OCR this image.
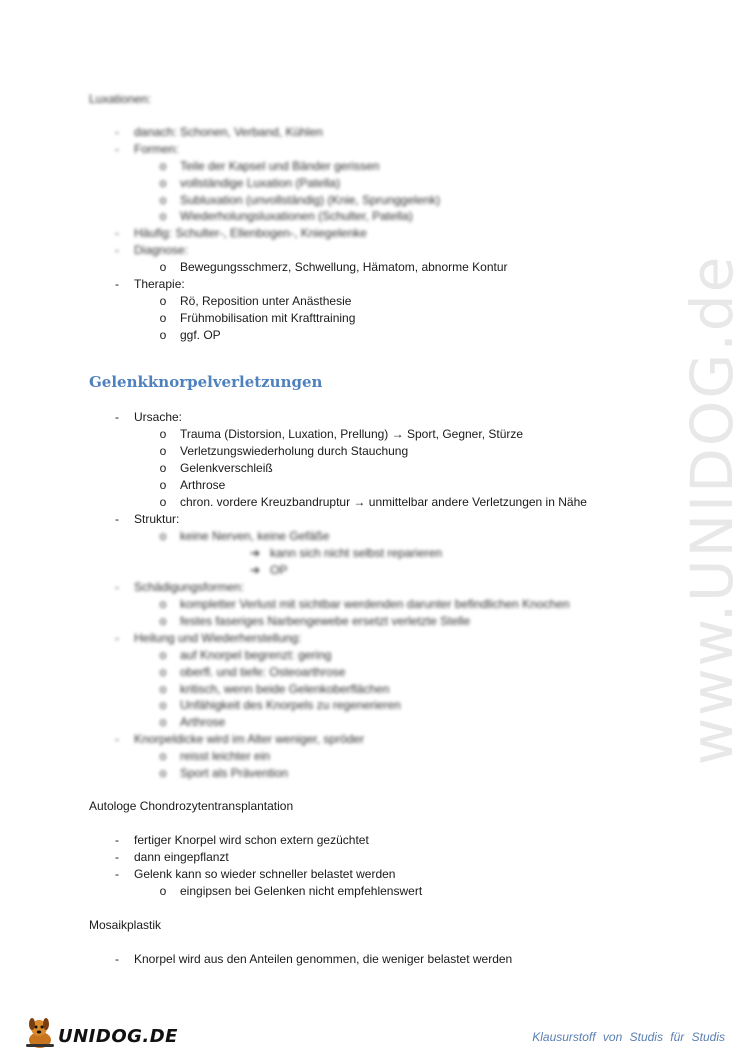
www.UNIDOG.de
Luxationen:
-	danach: Schonen, Verband, Kühlen
-	Formen:
o	Teile der Kapsel und Bänder gerissen
o	vollständige Luxation (Patella)
o	Subluxation (unvollständig) (Knie, Sprunggelenk)
o	Wiederholungsluxationen (Schulter, Patella)
-	Häufig: Schulter-, Ellenbogen-, Kniegelenke
-	Diagnose:
o	Bewegungsschmerz, Schwellung, Hämatom, abnorme Kontur
-	Therapie:
o	Rö, Reposition unter Anästhesie
o	Frühmobilisation mit Krafttraining
o	ggf. OP
Gelenkknorpelverletzungen
-	Ursache:
o	Trauma (Distorsion, Luxation, Prellung) → Sport, Gegner, Stürze
o	Verletzungswiederholung durch Stauchung
o	Gelenkverschleiß
o	Arthrose
o	chron. vordere Kreuzbandruptur → unmittelbar andere Verletzungen in Nähe
-	Struktur:
o	keine Nerven, keine Gefäße
➔ kann sich nicht selbst reparieren
➔ OP
-	Schädigungsformen:
o	kompletter Verlust mit sichtbar werdenden darunter befindlichen Knochen
o	festes faseriges Narbengewebe ersetzt verletzte Stelle
-	Heilung und Wiederherstellung:
o	auf Knorpel begrenzt: gering
o	oberfl. und tiefe: Osteoarthrose
o	kritisch, wenn beide Gelenkoberflächen
o	Unfähigkeit des Knorpels zu regenerieren
o	Arthrose
-	Knorpeldicke wird im Alter weniger, spröder
o	reisst leichter ein
o	Sport als Prävention
Autologe Chondrozytentransplantation
-	fertiger Knorpel wird schon extern gezüchtet
-	dann eingepflanzt
-	Gelenk kann so wieder schneller belastet werden
o	eingipsen bei Gelenken nicht empfehlenswert
Mosaikplastik
-	Knorpel wird aus den Anteilen genommen, die weniger belastet werden
UNIDOG.DE	Klausurstoff von Studis für Studis
